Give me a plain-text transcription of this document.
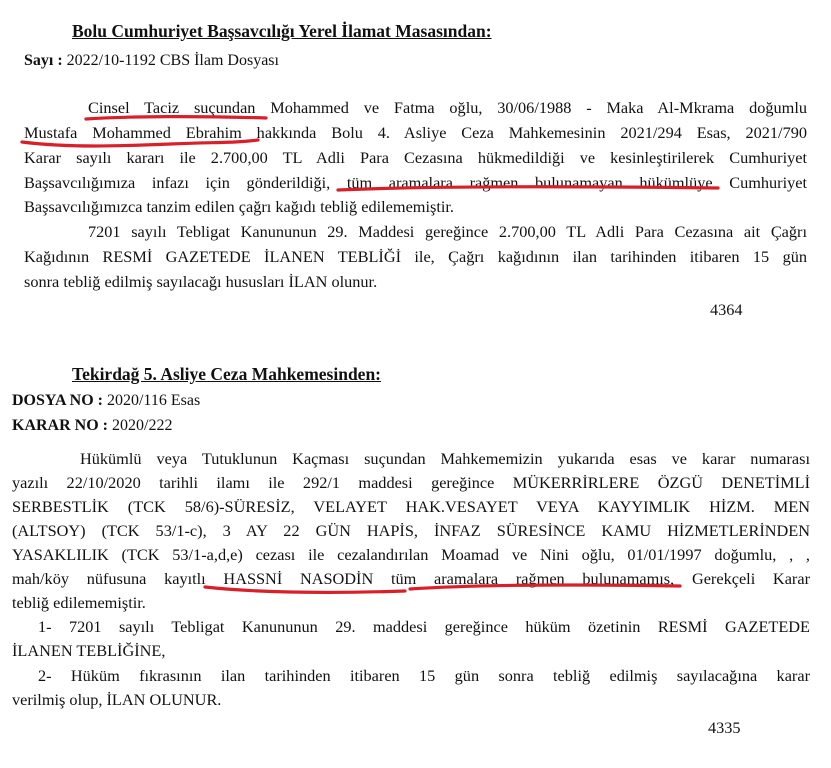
Bolu Cumhuriyet Başsavcılığı Yerel İlamat Masasından:
Sayı : 2022/10-1192 CBS İlam Dosyası
Cinsel Taciz suçundan Mohammed ve Fatma oğlu, 30/06/1988 - Maka Al-Mkrama doğumlu
Mustafa Mohammed Ebrahim hakkında Bolu 4. Asliye Ceza Mahkemesinin 2021/294 Esas, 2021/790
Karar sayılı kararı ile 2.700,00 TL Adli Para Cezasına hükmedildiği ve kesinleştirilerek Cumhuriyet
Başsavcılığımıza infazı için gönderildiği, tüm aramalara rağmen bulunamayan hükümlüye Cumhuriyet
Başsavcılığımızca tanzim edilen çağrı kağıdı tebliğ edilememiştir.
7201 sayılı Tebligat Kanununun 29. Maddesi gereğince 2.700,00 TL Adli Para Cezasına ait Çağrı
Kağıdının RESMİ GAZETEDE İLANEN TEBLİĞİ ile, Çağrı kağıdının ilan tarihinden itibaren 15 gün
sonra tebliğ edilmiş sayılacağı hususları İLAN olunur.
4364
Tekirdağ 5. Asliye Ceza Mahkemesinden:
DOSYA NO : 2020/116 Esas
KARAR NO : 2020/222
Hükümlü veya Tutuklunun Kaçması suçundan Mahkememizin yukarıda esas ve karar numarası
yazılı 22/10/2020 tarihli ilamı ile 292/1 maddesi gereğince MÜKERRİRLERE ÖZGÜ DENETİMLİ
SERBESTLİK (TCK 58/6)-SÜRESİZ, VELAYET HAK.VESAYET VEYA KAYYIMLIK HİZM. MEN
(ALTSOY) (TCK 53/1-c), 3 AY 22 GÜN HAPİS, İNFAZ SÜRESİNCE KAMU HİZMETLERİNDEN
YASAKLILIK (TCK 53/1-a,d,e) cezası ile cezalandırılan Moamad ve Nini oğlu, 01/01/1997 doğumlu, , ,
mah/köy nüfusuna kayıtlı HASSNİ NASODİN tüm aramalara rağmen bulunamamış, Gerekçeli Karar
tebliğ edilememiştir.
1- 7201 sayılı Tebligat Kanununun 29. maddesi gereğince hüküm özetinin RESMİ GAZETEDE
İLANEN TEBLİĞİNE,
2- Hüküm fıkrasının ilan tarihinden itibaren 15 gün sonra tebliğ edilmiş sayılacağına karar
verilmiş olup, İLAN OLUNUR.
4335
